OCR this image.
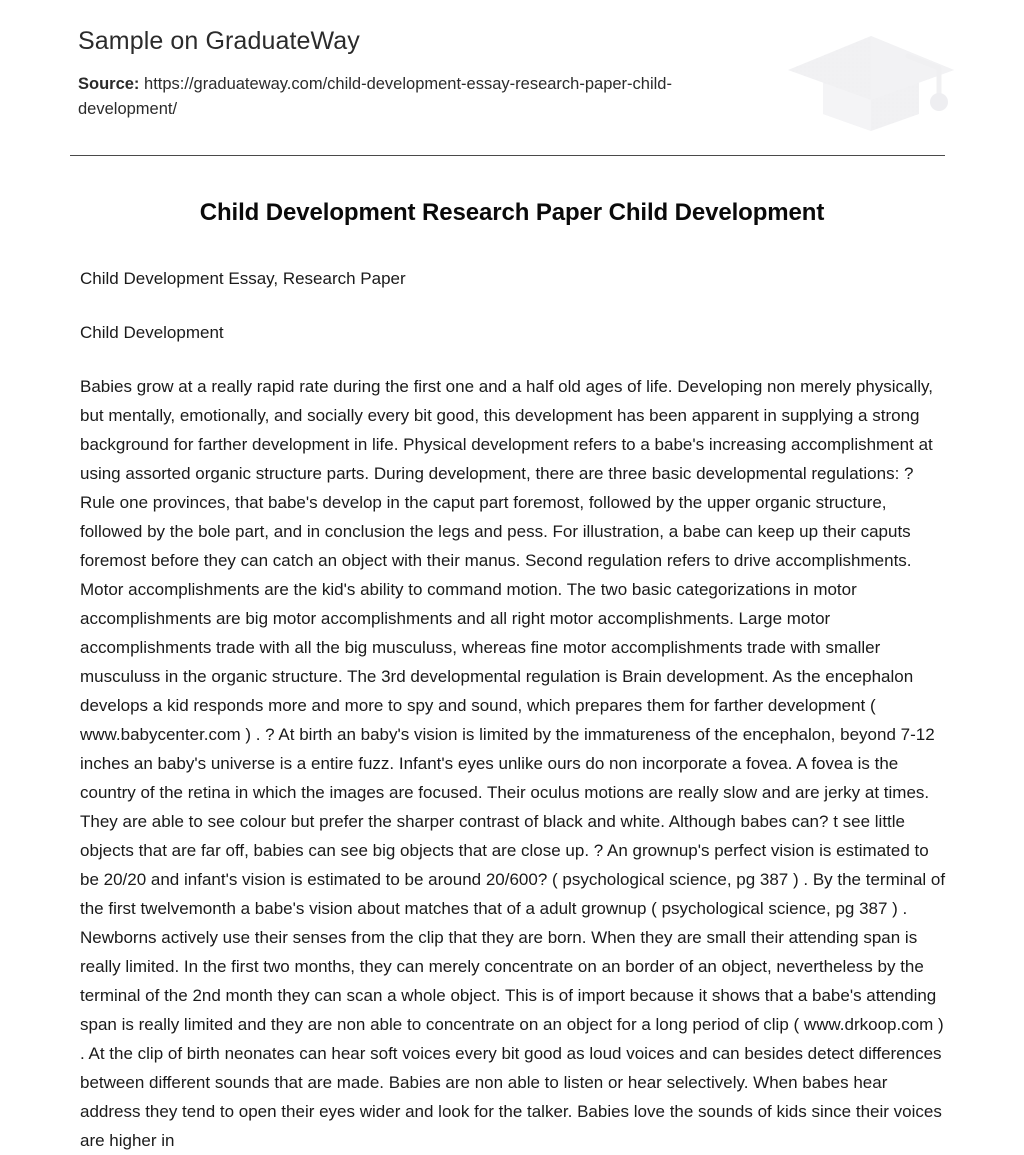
Sample on GraduateWay

Source: https://graduateway.com/child-development-essay-research-paper-child-development/

Child Development Research Paper Child Development

Child Development Essay, Research Paper

Child Development

Babies grow at a really rapid rate during the first one and a half old ages of life. Developing non merely physically, but mentally, emotionally, and socially every bit good, this development has been apparent in supplying a strong background for farther development in life. Physical development refers to a babe's increasing accomplishment at using assorted organic structure parts. During development, there are three basic developmental regulations: ? Rule one provinces, that babe's develop in the caput part foremost, followed by the upper organic structure, followed by the bole part, and in conclusion the legs and pess. For illustration, a babe can keep up their caputs foremost before they can catch an object with their manus. Second regulation refers to drive accomplishments. Motor accomplishments are the kid's ability to command motion. The two basic categorizations in motor accomplishments are big motor accomplishments and all right motor accomplishments. Large motor accomplishments trade with all the big musculuss, whereas fine motor accomplishments trade with smaller musculuss in the organic structure. The 3rd developmental regulation is Brain development. As the encephalon develops a kid responds more and more to spy and sound, which prepares them for farther development ( www.babycenter.com ) . ? At birth an baby's vision is limited by the immatureness of the encephalon, beyond 7-12 inches an baby's universe is a entire fuzz. Infant's eyes unlike ours do non incorporate a fovea. A fovea is the country of the retina in which the images are focused. Their oculus motions are really slow and are jerky at times. They are able to see colour but prefer the sharper contrast of black and white. Although babes can? t see little objects that are far off, babies can see big objects that are close up. ? An grownup's perfect vision is estimated to be 20/20 and infant's vision is estimated to be around 20/600? ( psychological science, pg 387 ) . By the terminal of the first twelvemonth a babe's vision about matches that of a adult grownup ( psychological science, pg 387 ) . Newborns actively use their senses from the clip that they are born. When they are small their attending span is really limited. In the first two months, they can merely concentrate on an border of an object, nevertheless by the terminal of the 2nd month they can scan a whole object. This is of import because it shows that a babe's attending span is really limited and they are non able to concentrate on an object for a long period of clip ( www.drkoop.com ) . At the clip of birth neonates can hear soft voices every bit good as loud voices and can besides detect differences between different sounds that are made. Babies are non able to listen or hear selectively. When babes hear address they tend to open their eyes wider and look for the talker. Babies love the sounds of kids since their voices are higher in
